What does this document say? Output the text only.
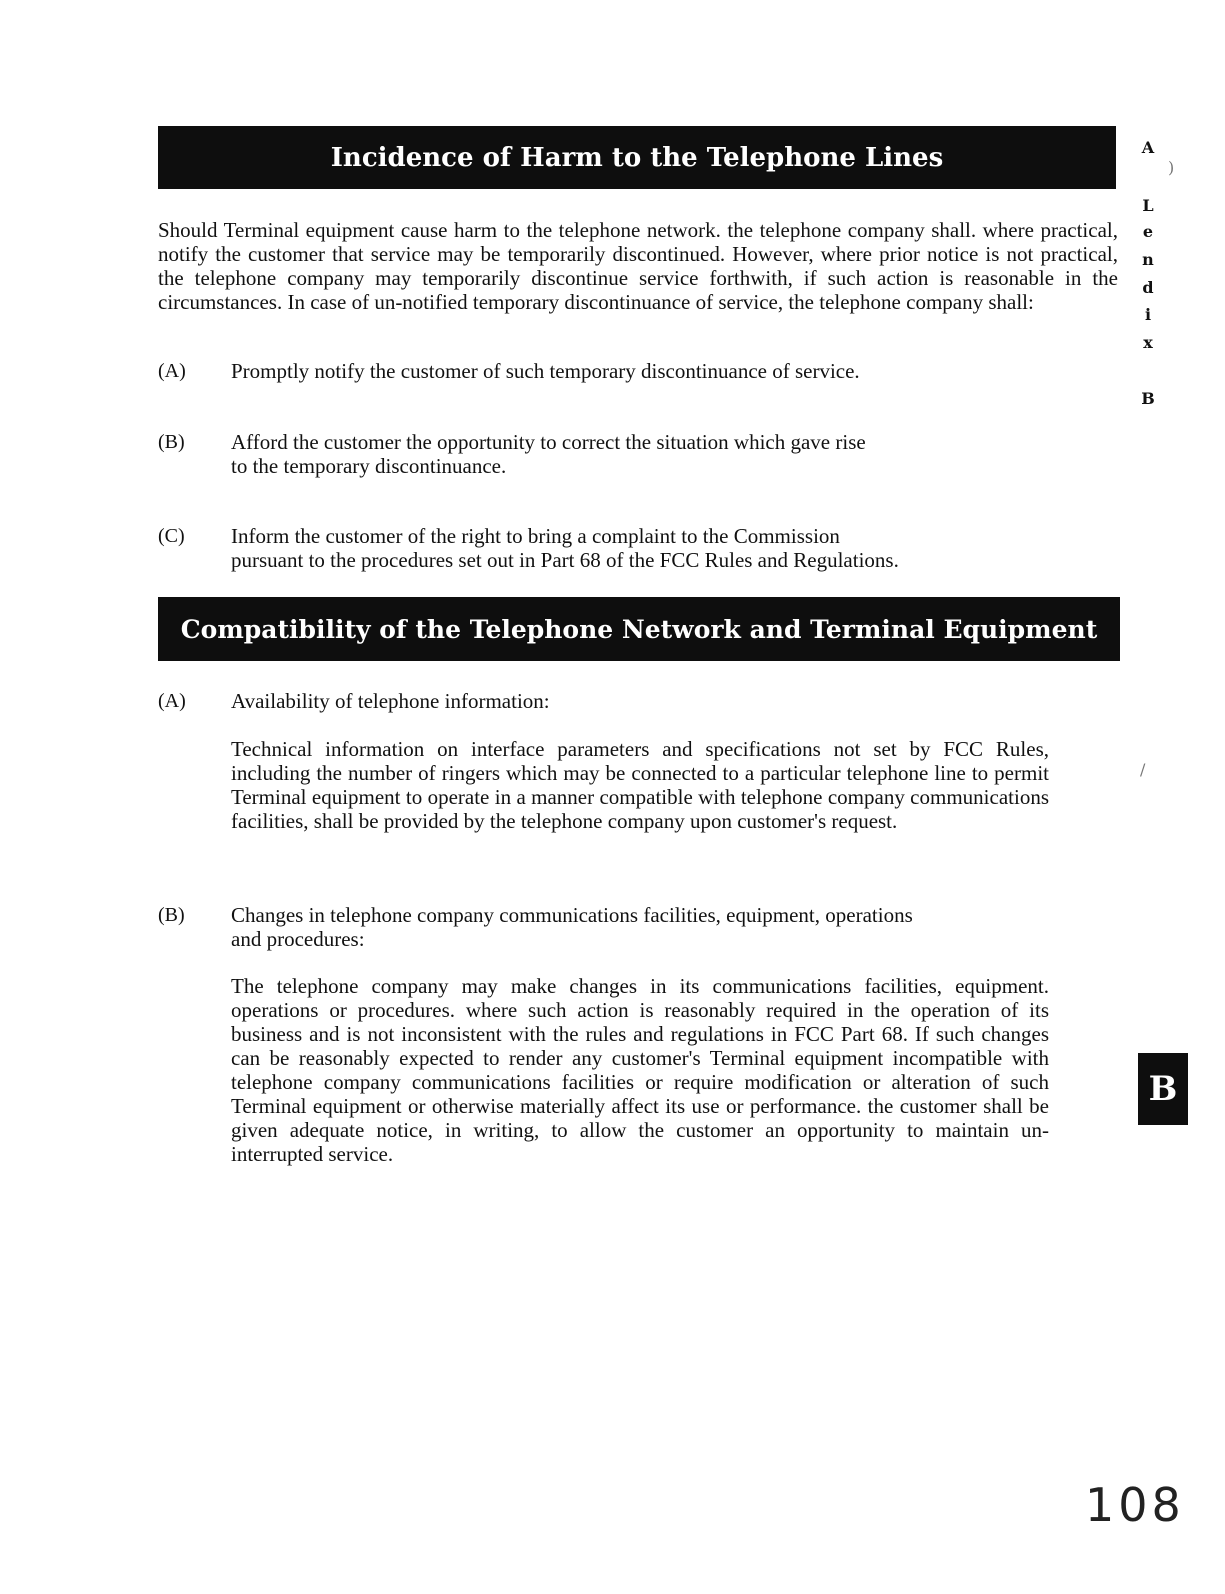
Incidence of Harm to the Telephone Lines

Should Terminal equipment cause harm to the telephone network. the telephone company shall. where practical, notify the customer that service may be temporarily discontinued. However, where prior notice is not practical, the telephone company may temporarily discontinue service forthwith, if such action is reasonable in the circumstances. In case of un-notified temporary discontinuance of service, the telephone company shall:

(A) Promptly notify the customer of such temporary discontinuance of service.

(B) Afford the customer the opportunity to correct the situation which gave rise

to the temporary discontinuance.

(C) Inform the customer of the right to bring a complaint to the Commission

pursuant to the procedures set out in Part 68 of the FCC Rules and Regulations.

Compatibility of the Telephone Network and Terminal Equipment
(A) Availability of telephone information:

Technical information on interface parameters and specifications not set by FCC Rules, including the number of ringers which may be connected to a particular telephone line to permit Terminal equipment to operate in a manner compatible with telephone company communications facilities, shall be provided by the telephone company upon customer's request.

(B) Changes in telephone company communications facilities, equipment, operations

and procedures:

The telephone company may make changes in its communications facilities, equipment. operations or procedures. where such action is reasonably required in the operation of its business and is not inconsistent with the rules and regulations in FCC Part 68. If such changes can be reasonably expected to render any customer's Terminal equipment incompatible with telephone company communications facilities or require modification or alteration of such Terminal equipment or otherwise materially affect its use or performance. the customer shall be given adequate notice, in writing, to allow the customer an opportunity to maintain un-interrupted service.

A
L
e
n
d
i
x
B
)
/
B
108
